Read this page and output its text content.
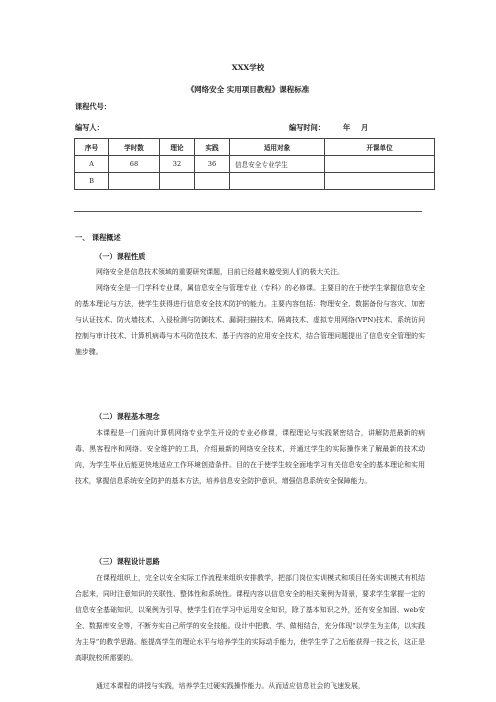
XXX学校
《网络安全 实用项目教程》课程标准
课程代号：
编写人：	编写时间：	年 月
序号	学时数	理论	实践	适用对象	开课单位
A	68	32	36	信息安全专业学生	
B					
一、 课程概述
（一）课程性质
网络安全是信息技术领域的重要研究课题，目前已经越来越受到人们的极大关注。
网络安全是一门学科专业课，属信息安全与管理专业（专科）的必修课。主要目的在于使学生掌握信息安全的基本理论与方法，使学生获得进行信息安全技术防护的能力。主要内容包括：物理安全、数据备份与容灾、加密与认证技术、防火墙技术、入侵检测与防御技术、漏洞扫描技术、隔离技术、虚拟专用网络(VPN)技术、系统访问控制与审计技术、计算机病毒与木马防范技术、基于内容的应用安全技术，结合管理问题提出了信息安全管理的实施步骤。
（二）课程基本理念
本课程是一门面向计算机网络专业学生开设的专业必修课，课程理论与实践紧密结合，讲解防范最新的病毒、黑客程序和网络、安全维护的工具，介绍最新的网络安全技术，并通过学生的实际操作来了解最新的技术动向，为学生毕业后能更快地适应工作环境创造条件。目的在于使学生较全面地学习有关信息安全的基本理论和实用技术，掌握信息系统安全防护的基本方法，培养信息安全防护意识，增强信息系统安全保障能力。
（三）课程设计思路
在课程组织上，完全以安全实际工作流程来组织安排教学，把部门岗位实训模式和项目任务实训模式有机结合起来，同时注意知识的关联性、整体性和系统性。课程内容以信息安全的相关案例为背景，要求学生掌握一定的信息安全基础知识，以案例为引导，使学生们在学习中运用安全知识，除了基本知识之外，还有安全加固、web安全、数据库安全等，不断夯实自己所学的安全技能。设计中把教、学、做相结合，充分体现“以学生为主体，以实践为主导”的教学思路。能提高学生的理论水平与培养学生的实际动手能力，使学生学了之后能获得一技之长，这正是高职院校所需要的。
通过本课程的讲授与实践，培养学生过硬实践操作能力。从而适应信息社会的飞速发展，
